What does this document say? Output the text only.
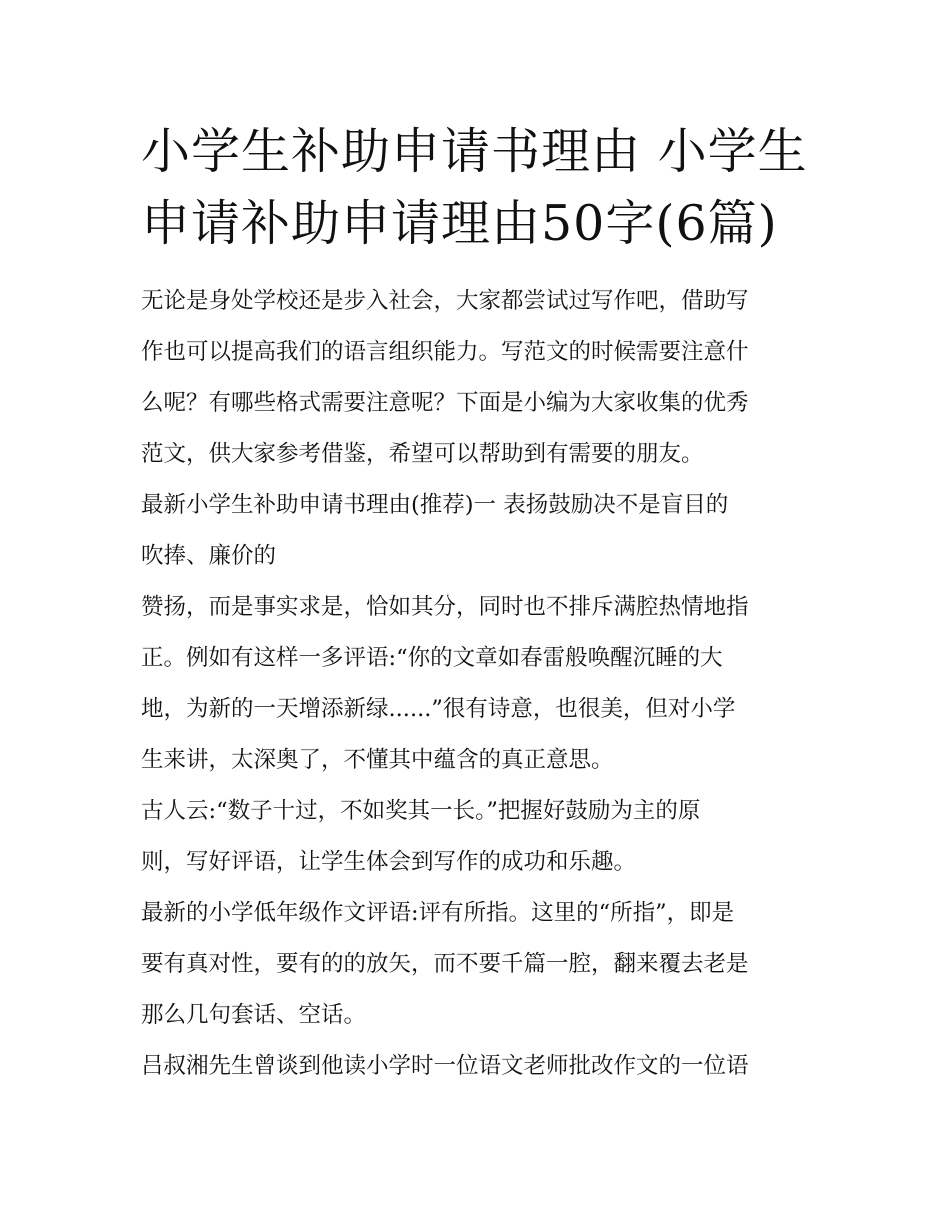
小学生补助申请书理由 小学生
申请补助申请理由50字(6篇)
无论是身处学校还是步入社会，大家都尝试过写作吧，借助写
作也可以提高我们的语言组织能力。写范文的时候需要注意什
么呢？有哪些格式需要注意呢？下面是小编为大家收集的优秀
范文，供大家参考借鉴，希望可以帮助到有需要的朋友。
最新小学生补助申请书理由(推荐)一 表扬鼓励决不是盲目的
吹捧、廉价的
赞扬，而是事实求是，恰如其分，同时也不排斥满腔热情地指
正。例如有这样一多评语:“你的文章如春雷般唤醒沉睡的大
地，为新的一天增添新绿......”很有诗意，也很美，但对小学
生来讲，太深奥了，不懂其中蕴含的真正意思。
古人云:“数子十过，不如奖其一长。”把握好鼓励为主的原
则，写好评语，让学生体会到写作的成功和乐趣。
最新的小学低年级作文评语:评有所指。这里的“所指”，即是
要有真对性，要有的的放矢，而不要千篇一腔，翻来覆去老是
那么几句套话、空话。
吕叔湘先生曾谈到他读小学时一位语文老师批改作文的一位语
